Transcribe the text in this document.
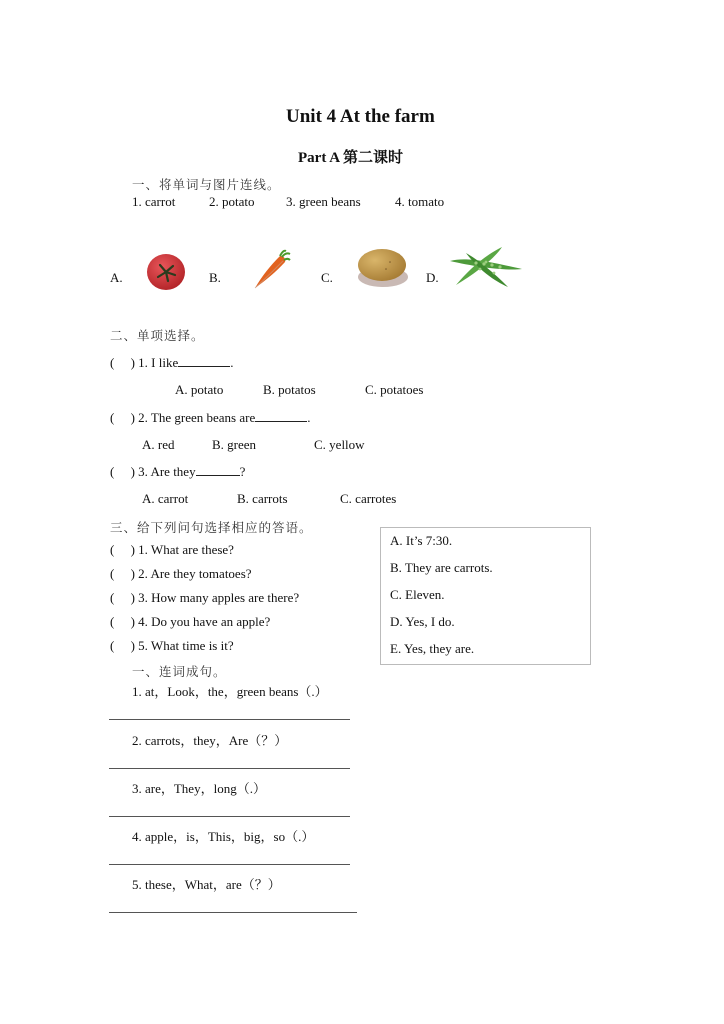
Unit 4 At the farm
Part A 第二课时
一、将单词与图片连线。
1. carrot	2. potato 3. green beans	4. tomato
A.	B.	C.	D.
二、单项选择。
(     ) 1. I like	.
A. potato	B. potatos	C. potatoes
(     ) 2. The green beans are	.
A. red	B. green	C. yellow
(     ) 3. Are they	?
A. carrot	B. carrots	C. carrotes
三、给下列问句选择相应的答语。
(     ) 1. What are these?
(     ) 2. Are they tomatoes?
(     ) 3. How many apples are there?
(     ) 4. Do you have an apple?
(     ) 5. What time is it?
A. It’s 7:30.
B. They are carrots.
C. Eleven.
D. Yes, I do.
E. Yes, they are.
一、连词成句。
1. at，Look，the，green beans（.）
2. carrots，they，Are（？）
3. are，They，long（.）
4. apple，is，This，big，so（.）
5. these，What，are（？）
